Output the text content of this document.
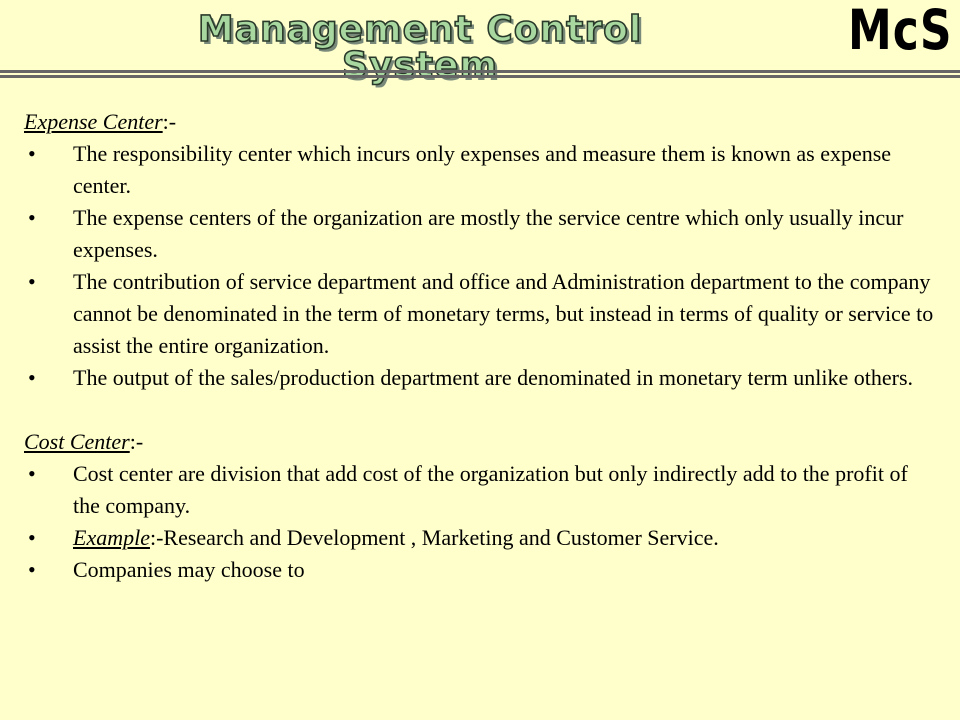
Management Control System
McS

Expense Center:-

• The responsibility center which incurs only expenses and measure them is known as expense center.
• The expense centers of the organization are mostly the service centre which only usually incur expenses.
• The contribution of service department and office and Administration department to the company cannot be denominated in the term of monetary terms, but instead in terms of quality or service to assist the entire organization.
• The output of the sales/production department are denominated in monetary term unlike others.

Cost Center:-

• Cost center are division that add cost of the organization but only indirectly add to the profit of the company.
• Example:-Research and Development , Marketing and Customer Service.
• Companies may choose to
